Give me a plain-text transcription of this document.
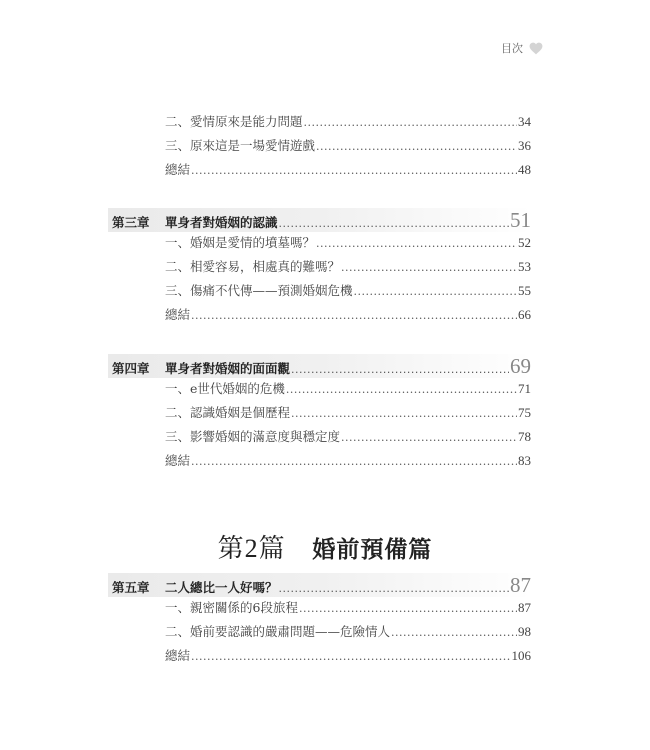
目次
二、愛情原來是能力問題 .....	34
三、原來這是一場愛情遊戲 .....	36
總結 .....	48
第三章	單身者對婚姻的認識 .....	51
一、婚姻是愛情的墳墓嗎？ .....	52
二、相愛容易，相處真的難嗎？ .....	53
三、傷痛不代傳——預測婚姻危機 .....	55
總結 .....	66
第四章	單身者對婚姻的面面觀 .....	69
一、e世代婚姻的危機 .....	71
二、認識婚姻是個歷程 .....	75
三、影響婚姻的滿意度與穩定度 .....	78
總結 .....	83
第2篇 婚前預備篇
第五章	二人總比一人好嗎？ .....	87
一、親密關係的6段旅程 .....	87
二、婚前要認識的嚴肅問題——危險情人 .....	98
總結 .....	106
